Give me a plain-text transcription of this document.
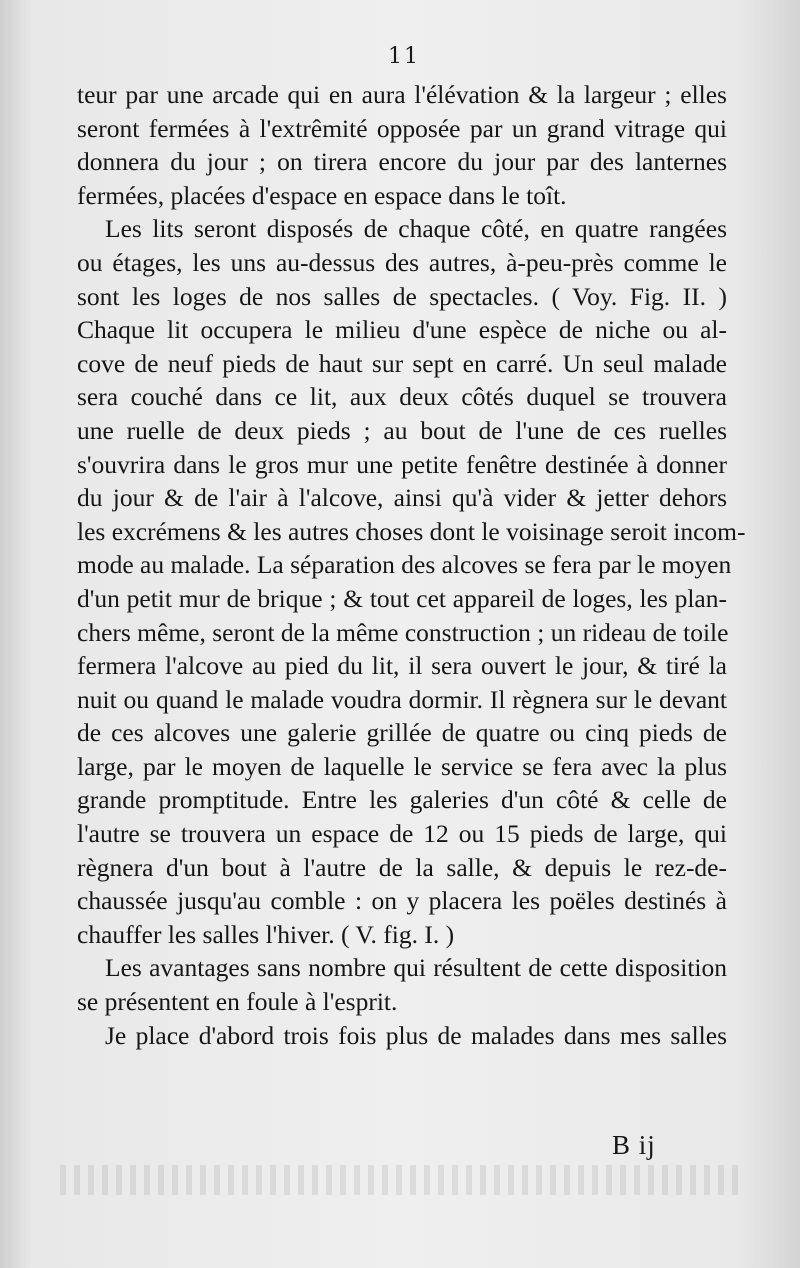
11
teur par une arcade qui en aura l'élévation & la largeur ; elles
seront fermées à l'extrêmité opposée par un grand vitrage qui
donnera du jour ; on tirera encore du jour par des lanternes
fermées, placées d'espace en espace dans le toît.
Les lits seront disposés de chaque côté, en quatre rangées
ou étages, les uns au-dessus des autres, à-peu-près comme le
sont les loges de nos salles de spectacles. ( Voy. Fig. II. )
Chaque lit occupera le milieu d'une espèce de niche ou al-
cove de neuf pieds de haut sur sept en carré. Un seul malade
sera couché dans ce lit, aux deux côtés duquel se trouvera
une ruelle de deux pieds ; au bout de l'une de ces ruelles
s'ouvrira dans le gros mur une petite fenêtre destinée à donner
du jour & de l'air à l'alcove, ainsi qu'à vider & jetter dehors
les excrémens & les autres choses dont le voisinage seroit incom-
mode au malade. La séparation des alcoves se fera par le moyen
d'un petit mur de brique ; & tout cet appareil de loges, les plan-
chers même, seront de la même construction ; un rideau de toile
fermera l'alcove au pied du lit, il sera ouvert le jour, & tiré la
nuit ou quand le malade voudra dormir. Il règnera sur le devant
de ces alcoves une galerie grillée de quatre ou cinq pieds de
large, par le moyen de laquelle le service se fera avec la plus
grande promptitude. Entre les galeries d'un côté & celle de
l'autre se trouvera un espace de 12 ou 15 pieds de large, qui
règnera d'un bout à l'autre de la salle, & depuis le rez-de-
chaussée jusqu'au comble : on y placera les poëles destinés à
chauffer les salles l'hiver. ( V. fig. I. )
Les avantages sans nombre qui résultent de cette disposition
se présentent en foule à l'esprit.
Je place d'abord trois fois plus de malades dans mes salles
B ij
